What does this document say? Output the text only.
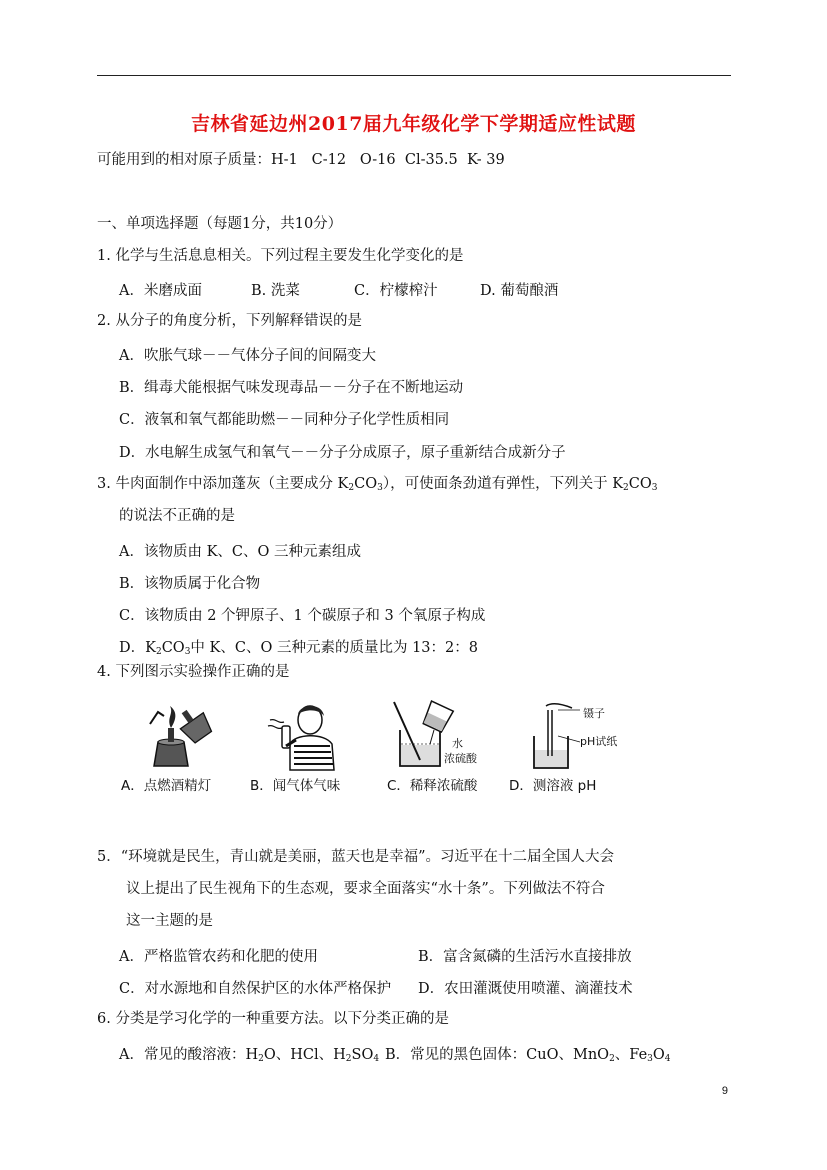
吉林省延边州2017届九年级化学下学期适应性试题
可能用到的相对原子质量：H-1   C-12   O-16  Cl-35.5  K- 39
一、单项选择题（每题1分，共10分）
1. 化学与生活息息相关。下列过程主要发生化学变化的是
A．米磨成面	B. 洗菜	C．柠檬榨汁	D. 葡萄酿酒
2. 从分子的角度分析，下列解释错误的是
A．吹胀气球－－气体分子间的间隔变大
B．缉毒犬能根据气味发现毒品－－分子在不断地运动
C．液氧和氧气都能助燃－－同种分子化学性质相同
D．水电解生成氢气和氧气－－分子分成原子，原子重新结合成新分子
3. 牛肉面制作中添加蓬灰（主要成分 $K_2CO_3$），可使面条劲道有弹性，下列关于 $K_2CO_3$
的说法不正确的是
A．该物质由 K、C、O 三种元素组成
B．该物质属于化合物
C．该物质由 2 个钾原子、1 个碳原子和 3 个氧原子构成
D．$K_2CO_3$中 K、C、O 三种元素的质量比为 13：2：8
4. 下列图示实验操作正确的是
水
浓硫酸
镊子
pH试纸
A．点燃酒精灯	B．闻气体气味	C．稀释浓硫酸 D．测溶液 pH
5．“环境就是民生，青山就是美丽，蓝天也是幸福”。习近平在十二届全国人大会
议上提出了民生视角下的生态观，要求全面落实“水十条”。下列做法不符合
这一主题的是
A．严格监管农药和化肥的使用	B．富含氮磷的生活污水直接排放
C．对水源地和自然保护区的水体严格保护 D．农田灌溉使用喷灌、滴灌技术
6. 分类是学习化学的一种重要方法。以下分类正确的是
A．常见的酸溶液：$H_2O$、HCl、$H_2SO_4$ B．常见的黑色固体：CuO、MnO$_2$、$Fe_3O_4$
9
